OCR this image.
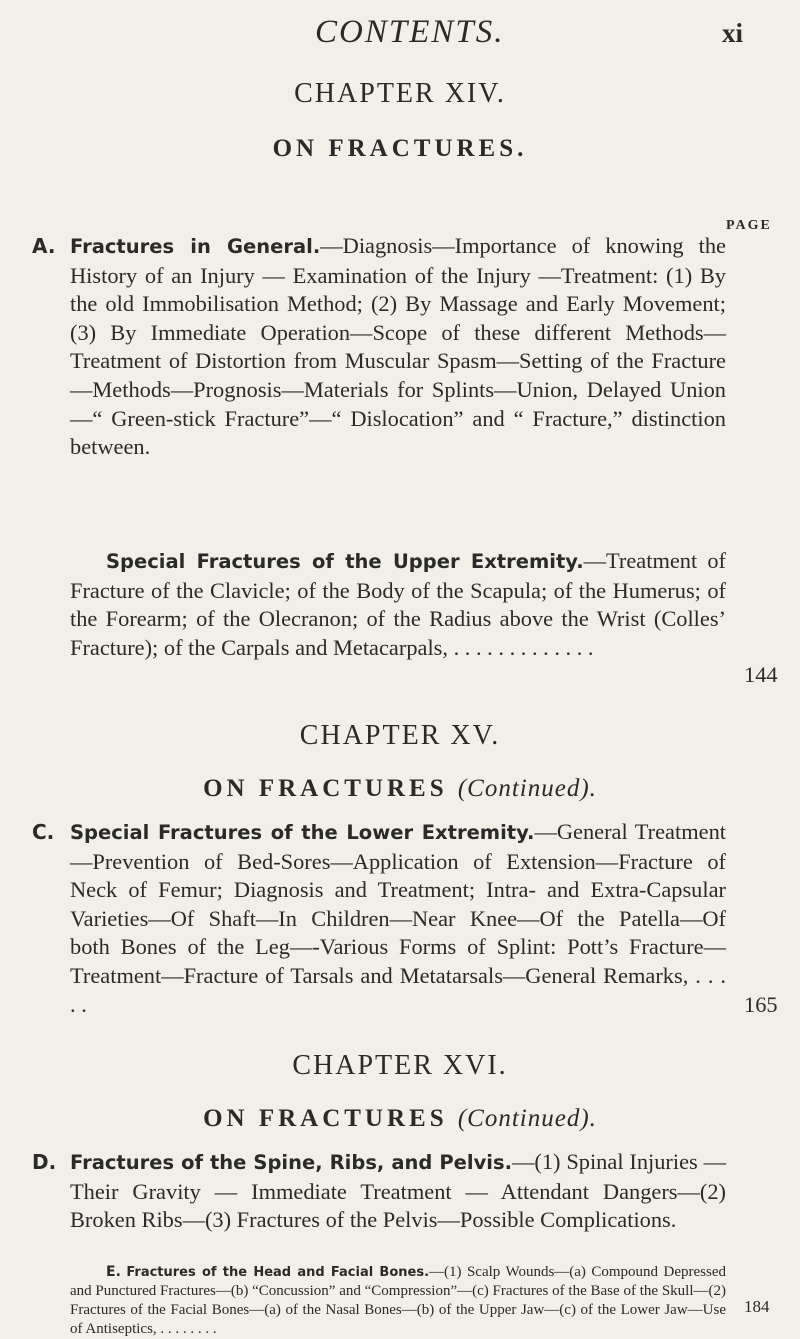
CONTENTS.	xi
CHAPTER XIV.
ON FRACTURES.
PAGE
A. Fractures in General.—Diagnosis—Importance of knowing the History of an Injury — Examination of the Injury —Treatment: (1) By the old Immobilisation Method; (2) By Massage and Early Movement; (3) By Immediate Operation—Scope of these different Methods—Treatment of Distortion from Muscular Spasm—Setting of the Fracture—Methods—Prognosis—Materials for Splints—Union, Delayed Union—“ Green-stick Fracture”—“ Dislocation” and “ Fracture,” distinction between.
Special Fractures of the Upper Extremity.—Treatment of Fracture of the Clavicle; of the Body of the Scapula; of the Humerus; of the Forearm; of the Olecranon; of the Radius above the Wrist (Colles’ Fracture); of the Carpals and Metacarpals, . . . . . . . . . . . . .
144
CHAPTER XV.
ON FRACTURES (Continued).
C. Special Fractures of the Lower Extremity.—General Treatment—Prevention of Bed-Sores—Application of Extension—Fracture of Neck of Femur; Diagnosis and Treatment; Intra- and Extra-Capsular Varieties—Of Shaft—In Children—Near Knee—Of the Patella—Of both Bones of the Leg—-Various Forms of Splint: Pott’s Fracture—Treatment—Fracture of Tarsals and Metatarsals—General Remarks, . . . . .	165
CHAPTER XVI.
ON FRACTURES (Continued).
D. Fractures of the Spine, Ribs, and Pelvis.—(1) Spinal Injuries — Their Gravity — Immediate Treatment — Attendant Dangers—(2) Broken Ribs—(3) Fractures of the Pelvis—Possible Complications.
E. Fractures of the Head and Facial Bones.—(1) Scalp Wounds—(a) Compound Depressed and Punctured Fractures—(b) “Concussion” and “Compression”—(c) Fractures of the Base of the Skull—(2) Fractures of the Facial Bones—(a) of the Nasal Bones—(b) of the Upper Jaw—(c) of the Lower Jaw—Use of Antiseptics, . . . . . . . .
184
